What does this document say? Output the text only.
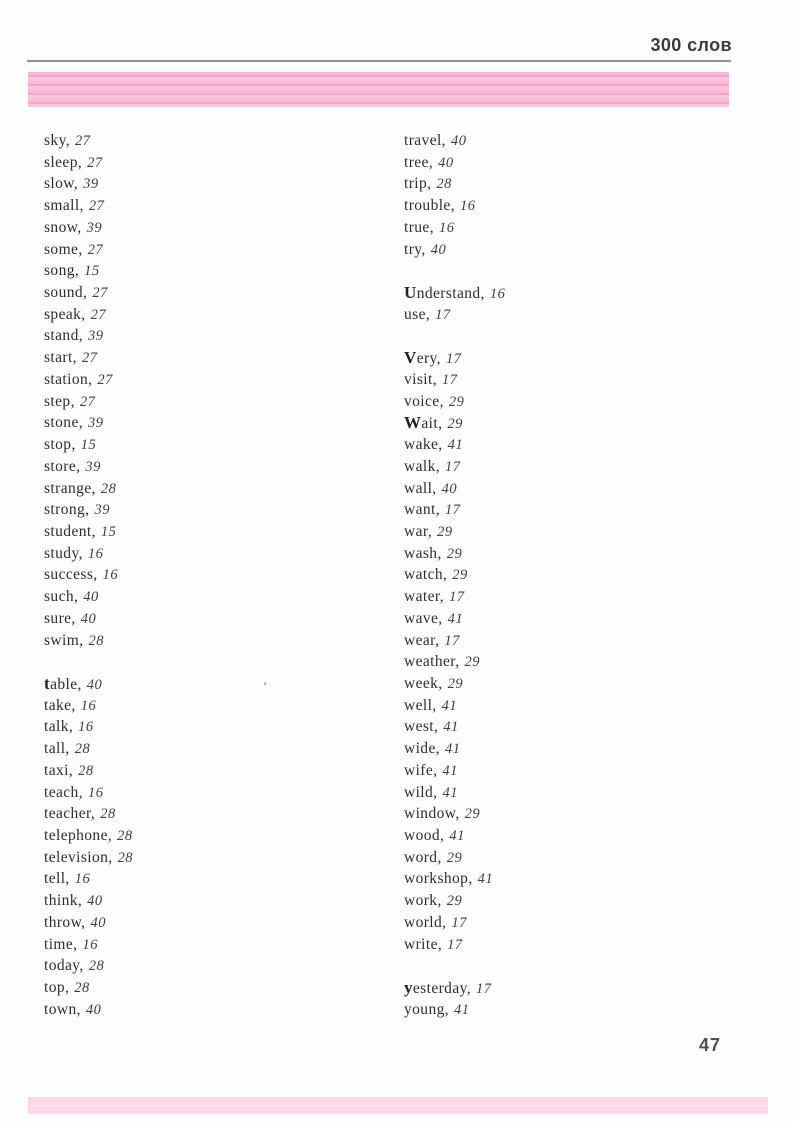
300 слов
sky, 27
sleep, 27
slow, 39
small, 27
snow, 39
some, 27
song, 15
sound, 27
speak, 27
stand, 39
start, 27
station, 27
step, 27
stone, 39
stop, 15
store, 39
strange, 28
strong, 39
student, 15
study, 16
success, 16
such, 40
sure, 40
swim, 28
table, 40
take, 16
talk, 16
tall, 28
taxi, 28
teach, 16
teacher, 28
telephone, 28
television, 28
tell, 16
think, 40
throw, 40
time, 16
today, 28
top, 28
town, 40
travel, 40
tree, 40
trip, 28
trouble, 16
true, 16
try, 40
Understand, 16
use, 17
Very, 17
visit, 17
voice, 29
Wait, 29
wake, 41
walk, 17
wall, 40
want, 17
war, 29
wash, 29
watch, 29
water, 17
wave, 41
wear, 17
weather, 29
week, 29
well, 41
west, 41
wide, 41
wife, 41
wild, 41
window, 29
wood, 41
word, 29
workshop, 41
work, 29
world, 17
write, 17
yesterday, 17
young, 41
’
47
